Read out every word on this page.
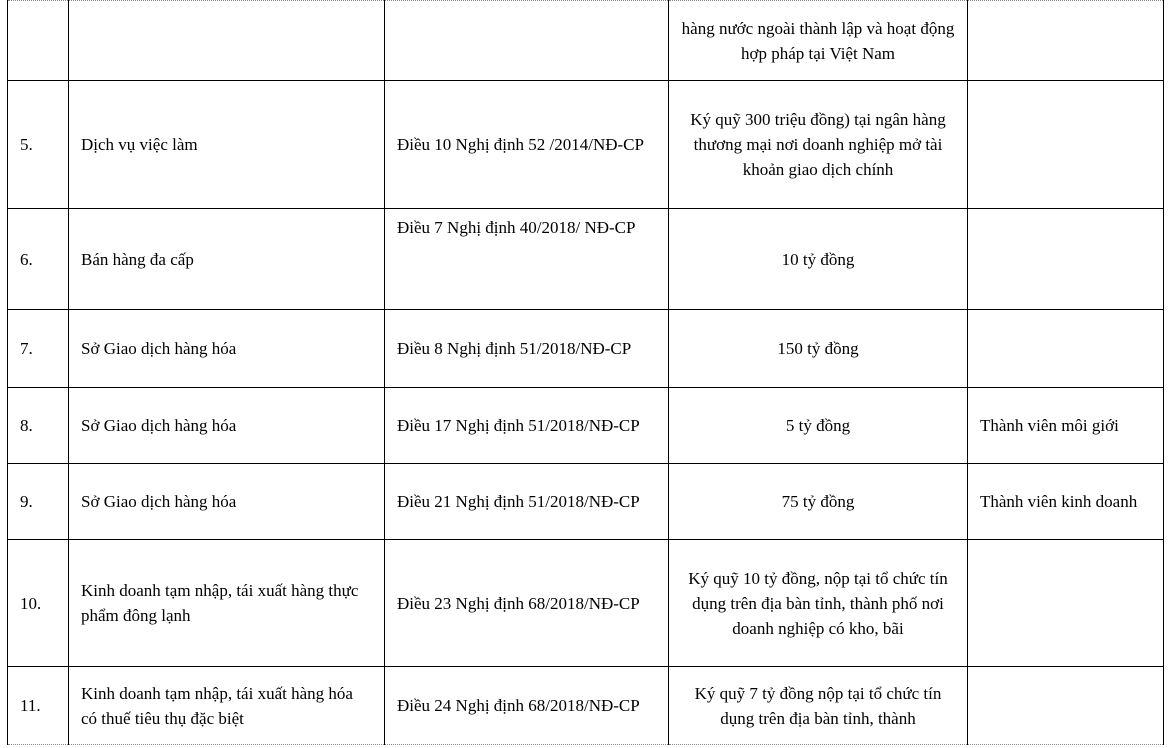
			hàng nước ngoài thành lập và hoạt động hợp pháp tại Việt Nam	
5.	Dịch vụ việc làm	Điều 10 Nghị định 52 /2014/NĐ-CP	Ký quỹ 300 triệu đồng) tại ngân hàng thương mại nơi doanh nghiệp mở tài khoản giao dịch chính	
6.	Bán hàng đa cấp	Điều 7 Nghị định 40/2018/ NĐ-CP	10 tỷ đồng	
7.	Sở Giao dịch hàng hóa	Điều 8 Nghị định 51/2018/NĐ-CP	150 tỷ đồng	
8.	Sở Giao dịch hàng hóa	Điều 17 Nghị định 51/2018/NĐ-CP	5 tỷ đồng	Thành viên môi giới
9.	Sở Giao dịch hàng hóa	Điều 21 Nghị định 51/2018/NĐ-CP	75 tỷ đồng	Thành viên kinh doanh
10.	Kinh doanh tạm nhập, tái xuất hàng thực phẩm đông lạnh	Điều 23 Nghị định 68/2018/NĐ-CP	Ký quỹ 10 tỷ đồng, nộp tại tổ chức tín dụng trên địa bàn tỉnh, thành phố nơi doanh nghiệp có kho, bãi	
11.	Kinh doanh tạm nhập, tái xuất hàng hóa có thuế tiêu thụ đặc biệt	Điều 24 Nghị định 68/2018/NĐ-CP	Ký quỹ 7 tỷ đồng nộp tại tổ chức tín dụng trên địa bàn tỉnh, thành	
